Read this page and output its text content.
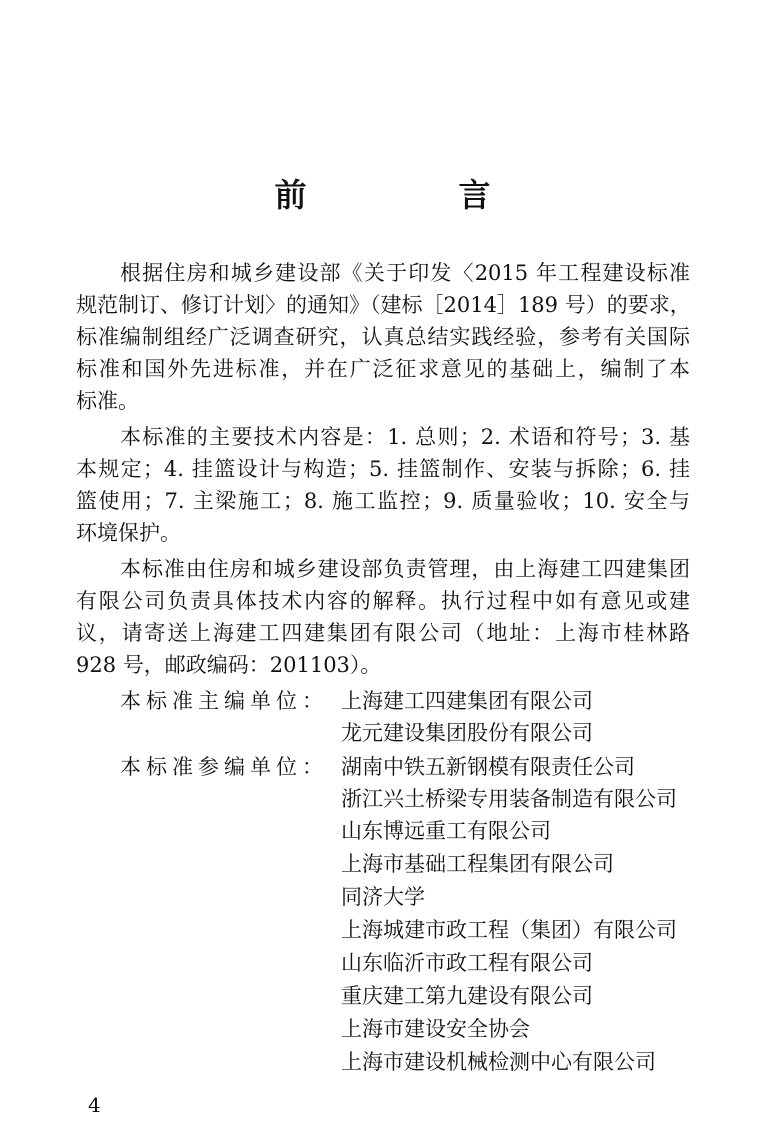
前　言
根据住房和城乡建设部《关于印发〈2015 年工程建设标准
规范制订、修订计划〉的通知》（建标［2014］189 号）的要求，
标准编制组经广泛调查研究，认真总结实践经验，参考有关国际
标准和国外先进标准，并在广泛征求意见的基础上，编制了本
标准。
本标准的主要技术内容是：1. 总则；2. 术语和符号；3. 基
本规定；4. 挂篮设计与构造；5. 挂篮制作、安装与拆除；6. 挂
篮使用；7. 主梁施工；8. 施工监控；9. 质量验收；10. 安全与
环境保护。
本标准由住房和城乡建设部负责管理，由上海建工四建集团
有限公司负责具体技术内容的解释。执行过程中如有意见或建
议，请寄送上海建工四建集团有限公司（地址：上海市桂林路
928 号，邮政编码：201103）。
本标准主编单位： 上海建工四建集团有限公司
龙元建设集团股份有限公司
本标准参编单位： 湖南中铁五新钢模有限责任公司
浙江兴土桥梁专用装备制造有限公司
山东博远重工有限公司
上海市基础工程集团有限公司
同济大学
上海城建市政工程（集团）有限公司
山东临沂市政工程有限公司
重庆建工第九建设有限公司
上海市建设安全协会
上海市建设机械检测中心有限公司
4
